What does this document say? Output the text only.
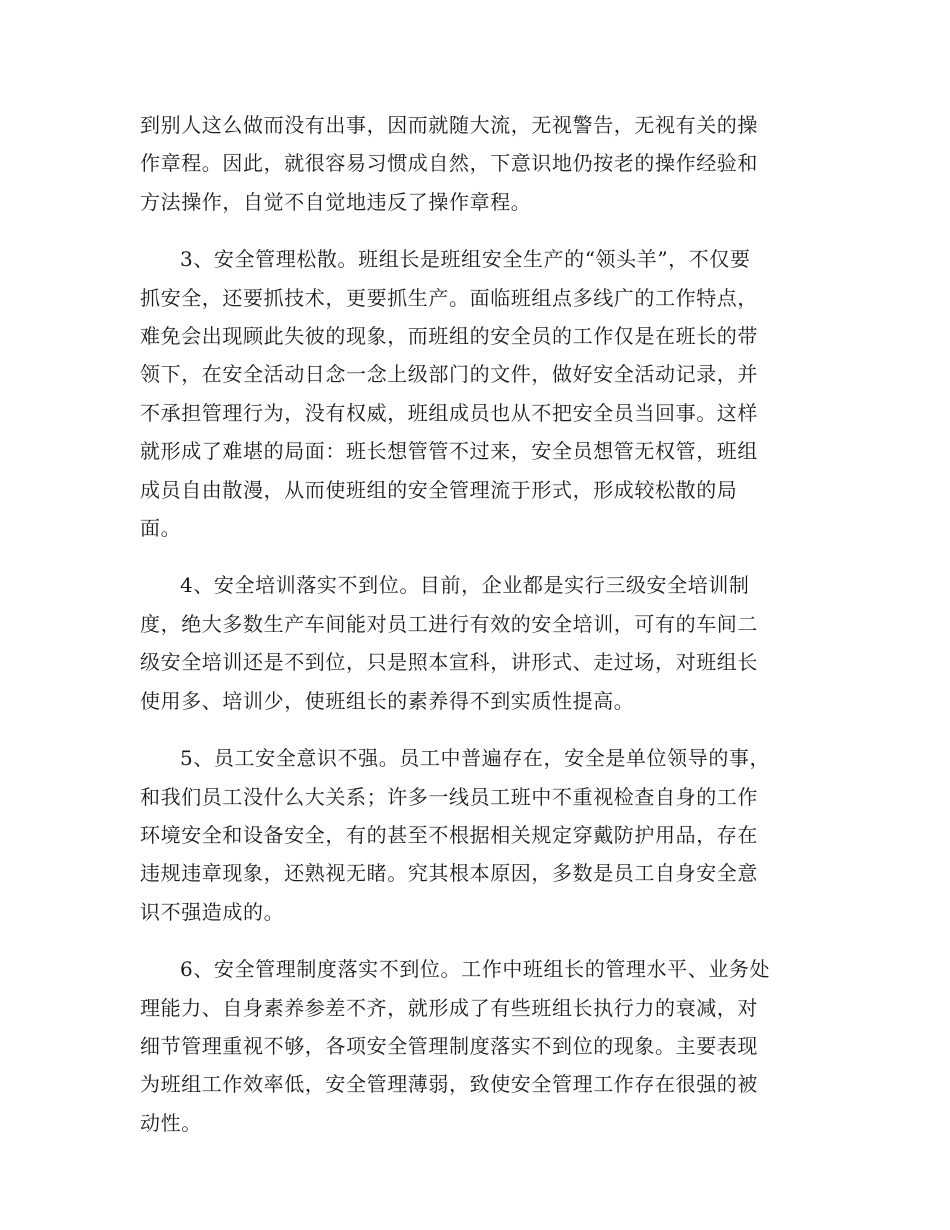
到别人这么做而没有出事，因而就随大流，无视警告，无视有关的操
作章程。因此，就很容易习惯成自然，下意识地仍按老的操作经验和
方法操作，自觉不自觉地违反了操作章程。
3、安全管理松散。班组长是班组安全生产的“领头羊”，不仅要
抓安全，还要抓技术，更要抓生产。面临班组点多线广的工作特点，
难免会出现顾此失彼的现象，而班组的安全员的工作仅是在班长的带
领下，在安全活动日念一念上级部门的文件，做好安全活动记录，并
不承担管理行为，没有权威，班组成员也从不把安全员当回事。这样
就形成了难堪的局面：班长想管管不过来，安全员想管无权管，班组
成员自由散漫，从而使班组的安全管理流于形式，形成较松散的局
面。
4、安全培训落实不到位。目前，企业都是实行三级安全培训制
度，绝大多数生产车间能对员工进行有效的安全培训，可有的车间二
级安全培训还是不到位，只是照本宣科，讲形式、走过场，对班组长
使用多、培训少，使班组长的素养得不到实质性提高。
5、员工安全意识不强。员工中普遍存在，安全是单位领导的事，
和我们员工没什么大关系；许多一线员工班中不重视检查自身的工作
环境安全和设备安全，有的甚至不根据相关规定穿戴防护用品，存在
违规违章现象，还熟视无睹。究其根本原因，多数是员工自身安全意
识不强造成的。
6、安全管理制度落实不到位。工作中班组长的管理水平、业务处
理能力、自身素养参差不齐，就形成了有些班组长执行力的衰减，对
细节管理重视不够，各项安全管理制度落实不到位的现象。主要表现
为班组工作效率低，安全管理薄弱，致使安全管理工作存在很强的被
动性。
